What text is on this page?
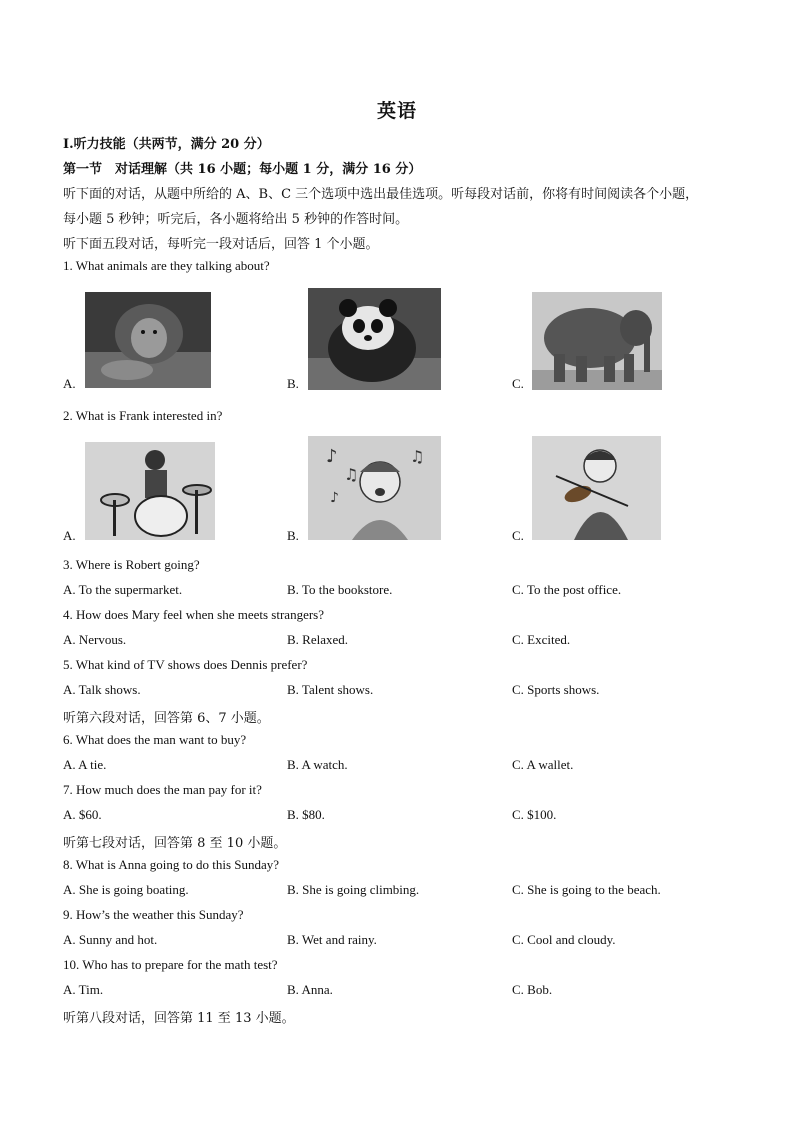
英语
Ⅰ.听力技能（共两节，满分 20 分）
第一节　对话理解（共 16 小题；每小题 1 分，满分 16 分）
听下面的对话，从题中所给的 A、B、C 三个选项中选出最佳选项。听每段对话前，你将有时间阅读各个小题，
每小题 5 秒钟；听完后，各小题将给出 5 秒钟的作答时间。
听下面五段对话，每听完一段对话后，回答 1 个小题。
1. What animals are they talking about?
A.	B.	C.
2. What is Frank interested in?
A.	B.
♪
♫
♪
♫
C.
3. Where is Robert going?
A. To the supermarket.	B. To the bookstore.	C. To the post office.
4. How does Mary feel when she meets strangers?
A. Nervous.	B. Relaxed.	C. Excited.
5. What kind of TV shows does Dennis prefer?
A. Talk shows.	B. Talent shows.	C. Sports shows.
听第六段对话，回答第 6、7 小题。
6. What does the man want to buy?
A. A tie.	B. A watch.	C. A wallet.
7. How much does the man pay for it?
A. $60.	B. $80.	C. $100.
听第七段对话，回答第 8 至 10 小题。
8. What is Anna going to do this Sunday?
A. She is going boating.	B. She is going climbing.	C. She is going to the beach.
9. How’s the weather this Sunday?
A. Sunny and hot.	B. Wet and rainy.	C. Cool and cloudy.
10. Who has to prepare for the math test?
A. Tim.	B. Anna.	C. Bob.
听第八段对话，回答第 11 至 13 小题。
